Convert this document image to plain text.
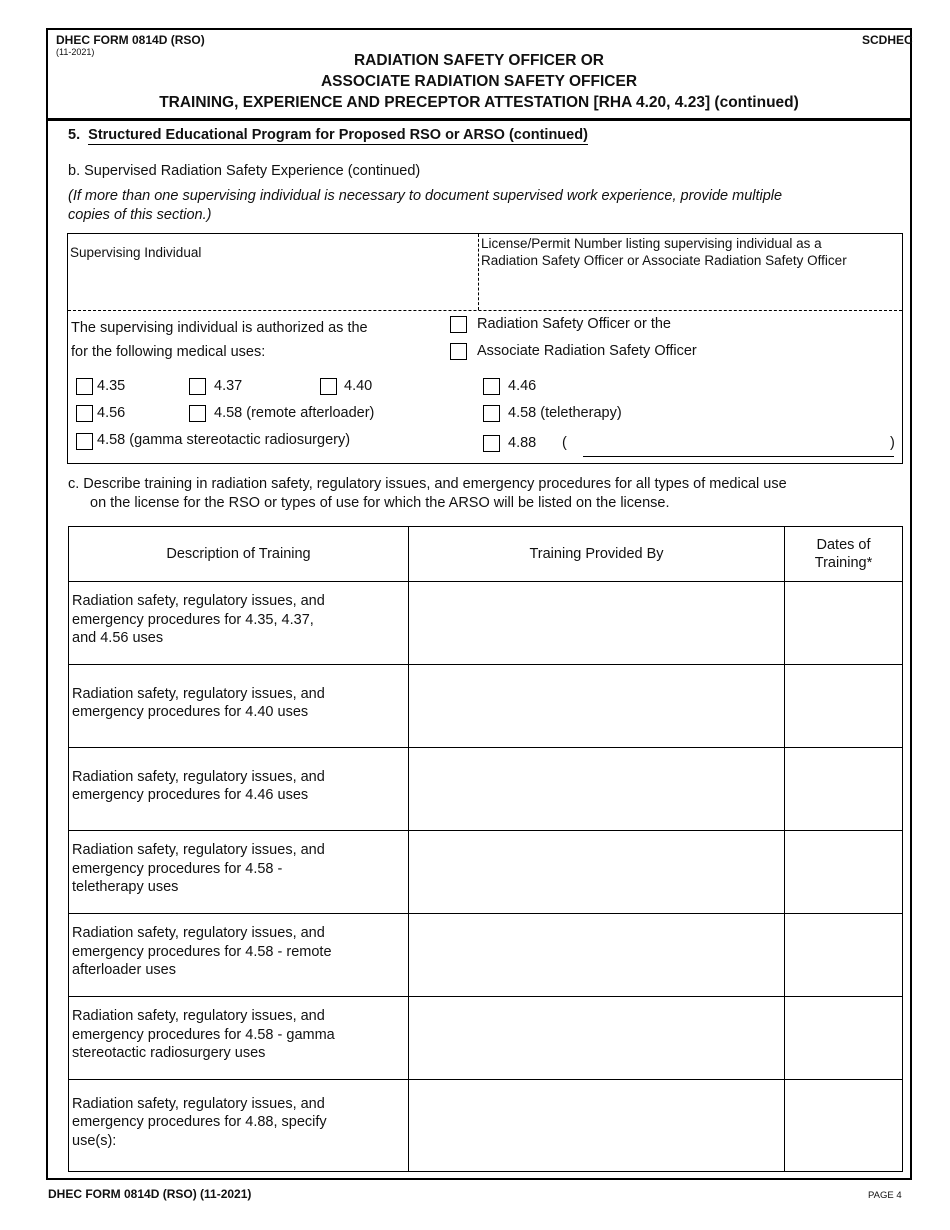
DHEC FORM 0814D (RSO)
(11-2021)
SCDHEC
RADIATION SAFETY OFFICER OR
ASSOCIATE RADIATION SAFETY OFFICER
TRAINING, EXPERIENCE AND PRECEPTOR ATTESTATION [RHA 4.20, 4.23] (continued)
5. Structured Educational Program for Proposed RSO or ARSO (continued)
b. Supervised Radiation Safety Experience (continued)
(If more than one supervising individual is necessary to document supervised work experience, provide multiple
copies of this section.)
Supervising Individual
License/Permit Number listing supervising individual as a
Radiation Safety Officer or Associate Radiation Safety Officer
The supervising individual is authorized as the
for the following medical uses:
Radiation Safety Officer or the
Associate Radiation Safety Officer
4.35	4.37	4.40	4.46
4.56	4.58 (remote afterloader)	4.58 (teletherapy)
4.58 (gamma stereotactic radiosurgery)	4.88 (	)
c. Describe training in radiation safety, regulatory issues, and emergency procedures for all types of medical use
on the license for the RSO or types of use for which the ARSO will be listed on the license.
Description of Training	Training Provided By	Dates of
Training*
Radiation safety, regulatory issues, and
emergency procedures for 4.35, 4.37,
and 4.56 uses		
Radiation safety, regulatory issues, and
emergency procedures for 4.40 uses		
Radiation safety, regulatory issues, and
emergency procedures for 4.46 uses		
Radiation safety, regulatory issues, and
emergency procedures for 4.58 -
teletherapy uses		
Radiation safety, regulatory issues, and
emergency procedures for 4.58 - remote
afterloader uses		
Radiation safety, regulatory issues, and
emergency procedures for 4.58 - gamma
stereotactic radiosurgery uses		
Radiation safety, regulatory issues, and
emergency procedures for 4.88, specify
use(s):		
DHEC FORM 0814D (RSO) (11-2021)	PAGE 4
